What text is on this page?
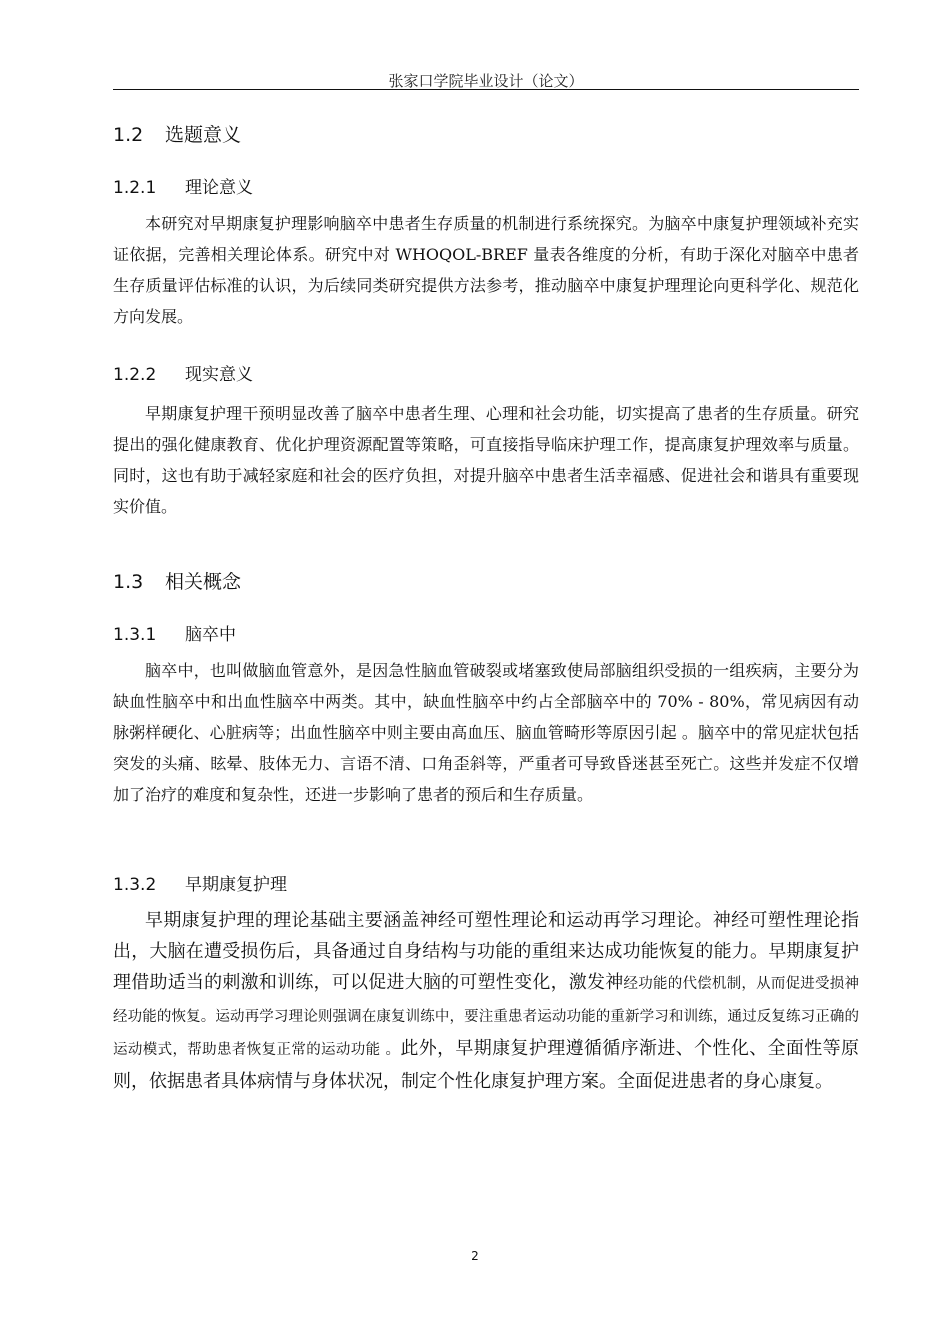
张家口学院毕业设计（论文）
1.2 选题意义
1.2.1 理论意义

本研究对早期康复护理影响脑卒中患者生存质量的机制进行系统探究。为脑卒中康复护理领域补充实证依据，完善相关理论体系。研究中对 WHOQOL-BREF 量表各维度的分析，有助于深化对脑卒中患者生存质量评估标准的认识，为后续同类研究提供方法参考，推动脑卒中康复护理理论向更科学化、规范化方向发展。

1.2.2 现实意义

早期康复护理干预明显改善了脑卒中患者生理、心理和社会功能，切实提高了患者的生存质量。研究提出的强化健康教育、优化护理资源配置等策略，可直接指导临床护理工作，提高康复护理效率与质量。同时，这也有助于减轻家庭和社会的医疗负担，对提升脑卒中患者生活幸福感、促进社会和谐具有重要现实价值。

1.3 相关概念
1.3.1 脑卒中

脑卒中，也叫做脑血管意外，是因急性脑血管破裂或堵塞致使局部脑组织受损的一组疾病，主要分为缺血性脑卒中和出血性脑卒中两类。其中，缺血性脑卒中约占全部脑卒中的 70% - 80%，常见病因有动脉粥样硬化、心脏病等；出血性脑卒中则主要由高血压、脑血管畸形等原因引起 。脑卒中的常见症状包括突发的头痛、眩晕、肢体无力、言语不清、口角歪斜等，严重者可导致昏迷甚至死亡。这些并发症不仅增加了治疗的难度和复杂性，还进一步影响了患者的预后和生存质量。

1.3.2 早期康复护理

早期康复护理的理论基础主要涵盖神经可塑性理论和运动再学习理论。神经可塑性理论指出，大脑在遭受损伤后，具备通过自身结构与功能的重组来达成功能恢复的能力。早期康复护理借助适当的刺激和训练，可以促进大脑的可塑性变化，激发神经功能的代偿机制，从而促进受损神经功能的恢复。运动再学习理论则强调在康复训练中，要注重患者运动功能的重新学习和训练，通过反复练习正确的运动模式，帮助患者恢复正常的运动功能 。此外，早期康复护理遵循循序渐进、个性化、全面性等原则，依据患者具体病情与身体状况，制定个性化康复护理方案。全面促进患者的身心康复。

2
